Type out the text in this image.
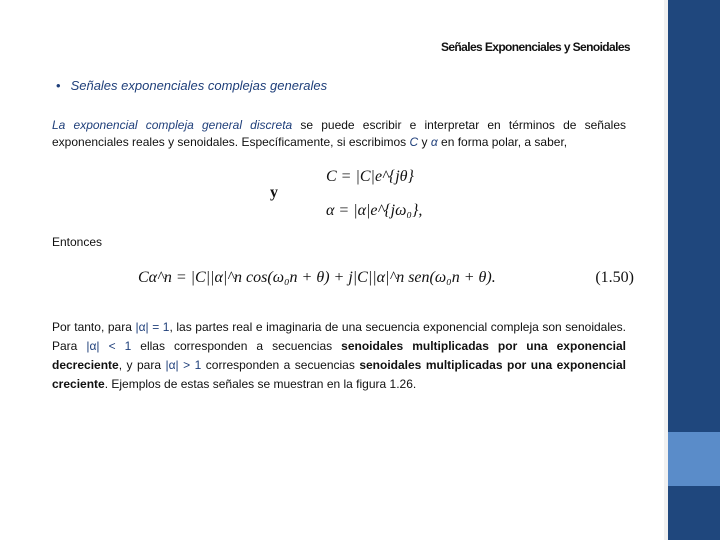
Señales Exponenciales y Senoidales
• Señales exponenciales complejas generales
La exponencial compleja general discreta se puede escribir e interpretar en términos de señales exponenciales reales y senoidales. Específicamente, si escribimos C y α en forma polar, a saber,
y
C = |C|e^{jθ}
α = |α|e^{jω₀},
Entonces
Cα^n = |C||α|^n cos(ω₀n + θ) + j|C||α|^n sen(ω₀n + θ).	(1.50)
Por tanto, para |α| = 1, las partes real e imaginaria de una secuencia exponencial compleja son senoidales. Para |α| < 1 ellas corresponden a secuencias senoidales multiplicadas por una exponencial decreciente, y para |α| > 1 corresponden a secuencias senoidales multiplicadas por una exponencial creciente. Ejemplos de estas señales se muestran en la figura 1.26.
